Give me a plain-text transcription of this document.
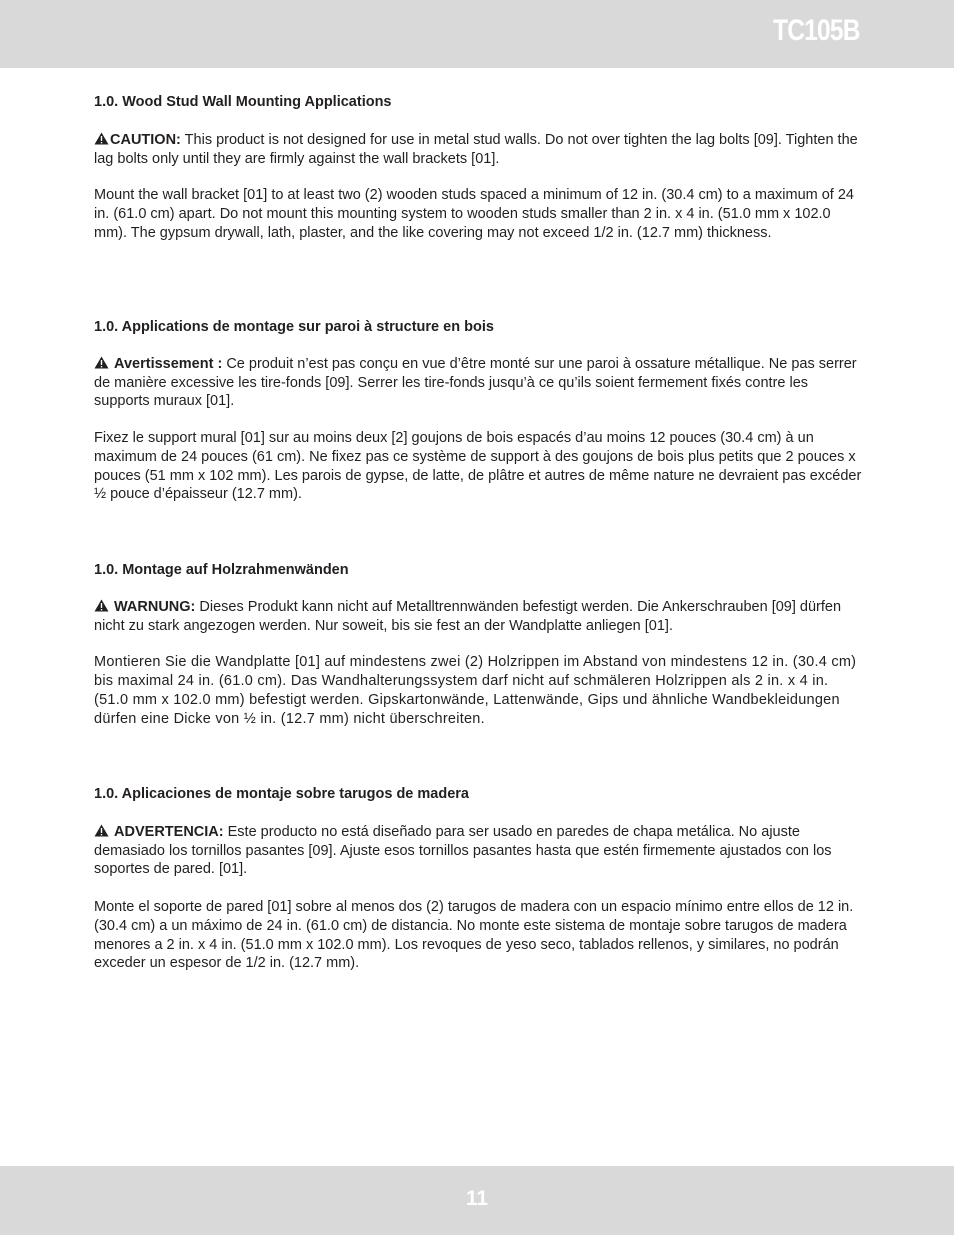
TC105B

1.0. Wood Stud Wall Mounting Applications

CAUTION: This product is not designed for use in metal stud walls. Do not over tighten the lag bolts [09]. Tighten the lag bolts only until they are firmly against the wall brackets [01].

Mount the wall bracket [01] to at least two (2) wooden studs spaced a minimum of 12 in. (30.4 cm) to a maximum of 24 in. (61.0 cm) apart. Do not mount this mounting system to wooden studs smaller than 2 in. x 4 in. (51.0 mm x 102.0 mm). The gypsum drywall, lath, plaster, and the like covering may not exceed 1/2 in. (12.7 mm) thickness.

1.0. Applications de montage sur paroi à structure en bois

Avertissement : Ce produit n’est pas conçu en vue d’être monté sur une paroi à ossature métallique. Ne pas serrer de manière excessive les tire-fonds [09]. Serrer les tire-fonds jusqu’à ce qu’ils soient fermement fixés contre les supports muraux [01].

Fixez le support mural [01] sur au moins deux [2] goujons de bois espacés d’au moins 12 pouces (30.4 cm) à un maximum de 24 pouces (61 cm). Ne fixez pas ce système de support à des goujons de bois plus petits que 2 pouces x pouces (51 mm x 102 mm). Les parois de gypse, de latte, de plâtre et autres de même nature ne devraient pas excéder ½ pouce d’épaisseur (12.7 mm).

1.0. Montage auf Holzrahmenwänden

WARNUNG: Dieses Produkt kann nicht auf Metalltrennwänden befestigt werden. Die Ankerschrauben [09] dürfen nicht zu stark angezogen werden. Nur soweit, bis sie fest an der Wandplatte anliegen [01].

Montieren Sie die Wandplatte [01] auf mindestens zwei (2) Holzrippen im Abstand von mindestens 12 in. (30.4 cm) bis maximal 24 in. (61.0 cm). Das Wandhalterungssystem darf nicht auf schmäleren Holzrippen als 2 in. x 4 in. (51.0 mm x 102.0 mm) befestigt werden. Gipskartonwände, Lattenwände, Gips und ähnliche Wandbekleidungen dürfen eine Dicke von ½ in. (12.7 mm) nicht überschreiten.

1.0. Aplicaciones de montaje sobre tarugos de madera

ADVERTENCIA: Este producto no está diseñado para ser usado en paredes de chapa metálica. No ajuste demasiado los tornillos pasantes [09]. Ajuste esos tornillos pasantes hasta que estén firmemente ajustados con los soportes de pared. [01].

Monte el soporte de pared [01] sobre al menos dos (2) tarugos de madera con un espacio mínimo entre ellos de 12 in. (30.4 cm) a un máximo de 24 in. (61.0 cm) de distancia. No monte este sistema de montaje sobre tarugos de madera menores a 2 in. x 4 in. (51.0 mm x 102.0 mm). Los revoques de yeso seco, tablados rellenos, y similares, no podrán exceder un espesor de 1/2 in. (12.7 mm).

11
